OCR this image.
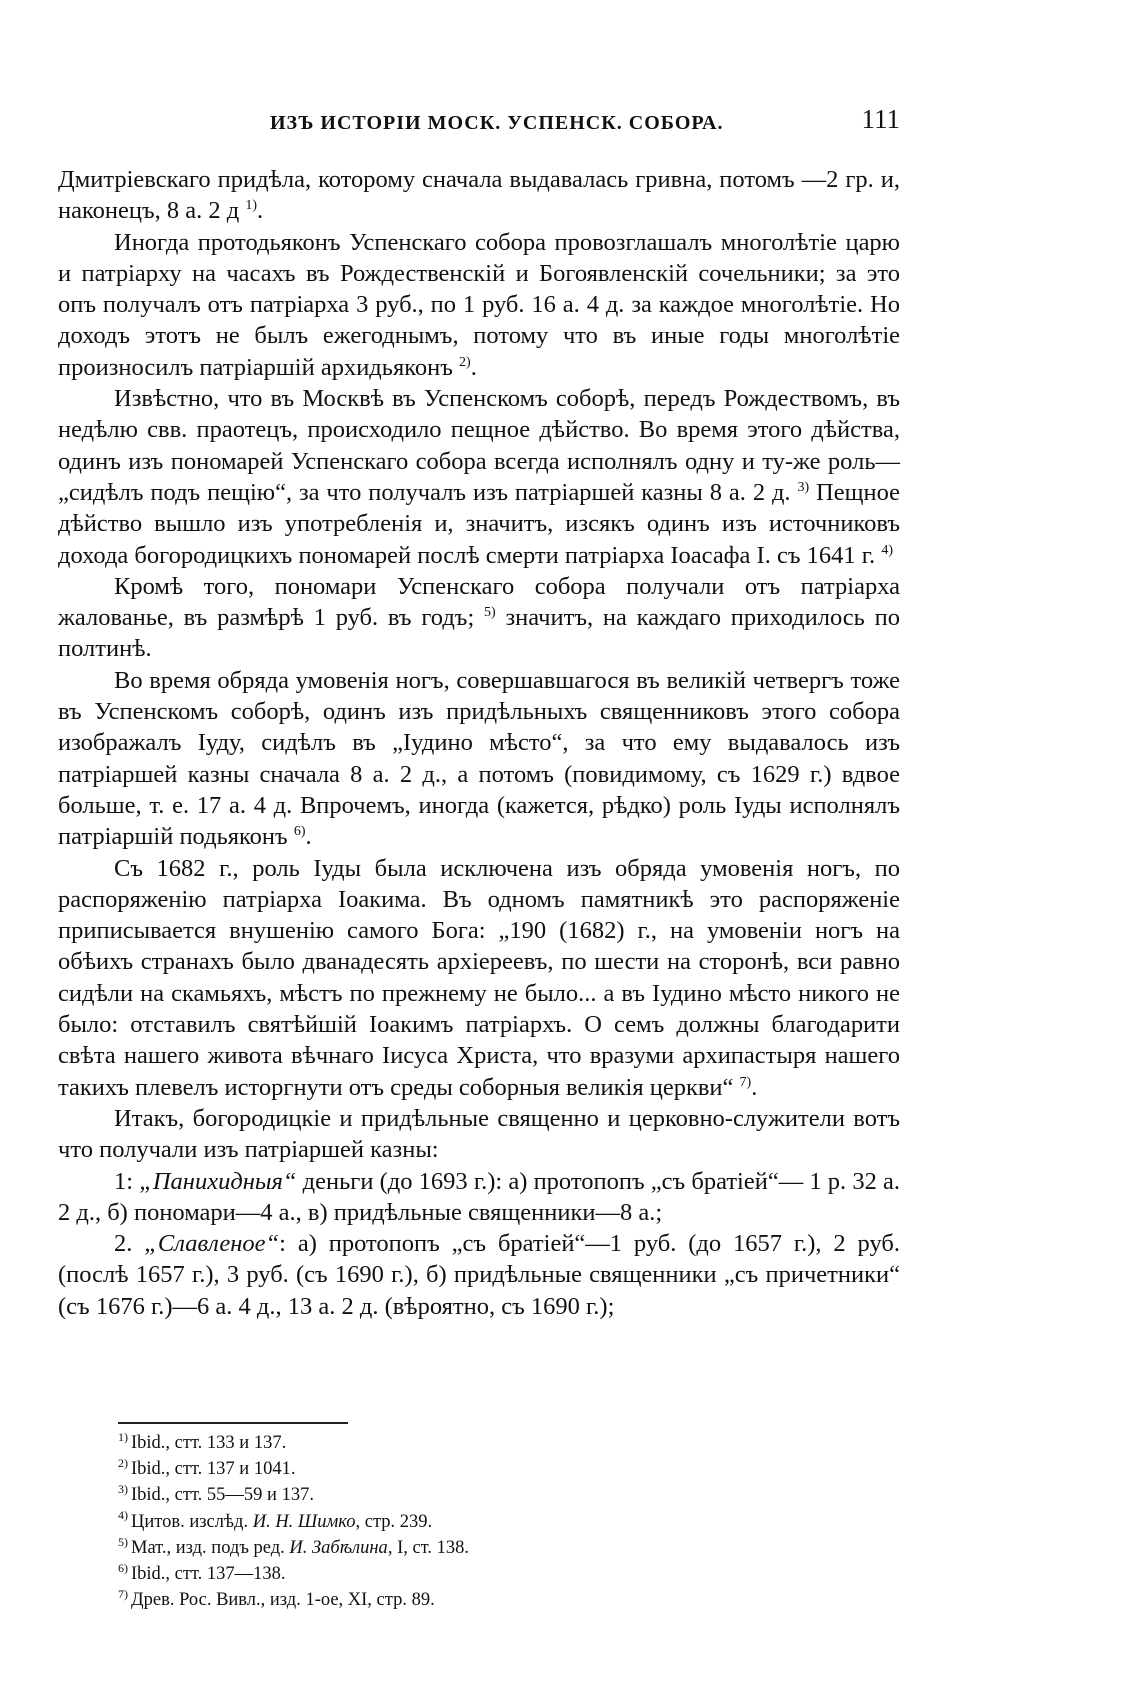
ИЗЪ ИСТОРІИ МОСК. УСПЕНСК. СОБОРА.	111

Дмитріевскаго придѣла, которому сначала выдавалась гривна, потомъ —2 гр. и, наконецъ, 8 а. 2 д $^{1)}$.

Иногда протодьяконъ Успенскаго собора провозглашалъ многолѣтіе царю и патріарху на часахъ въ Рождественскій и Богоявленскій сочельники; за это опъ получалъ отъ патріарха 3 руб., по 1 руб. 16 а. 4 д. за каждое многолѣтіе. Но доходъ этотъ не былъ ежегоднымъ, потому что въ иные годы многолѣтіе произносилъ патріаршій архидьяконъ $^{2)}$.

Извѣстно, что въ Москвѣ въ Успенскомъ соборѣ, передъ Рождествомъ, въ недѣлю свв. праотецъ, происходило пещное дѣйство. Во время этого дѣйства, одинъ изъ пономарей Успенскаго собора всегда исполнялъ одну и ту-же роль—„сидѣлъ подъ пещію“, за что получалъ изъ патріаршей казны 8 а. 2 д. $^{3)}$ Пещное дѣйство вышло изъ употребленія и, значитъ, изсякъ одинъ изъ источниковъ дохода богородицкихъ пономарей послѣ смерти патріарха Іоасафа I. съ 1641 г. $^{4)}$

Кромѣ того, пономари Успенскаго собора получали отъ патріарха жалованье, въ размѣрѣ 1 руб. въ годъ; $^{5)}$ значитъ, на каждаго приходилось по полтинѣ.

Во время обряда умовенія ногъ, совершавшагося въ великій четвергъ тоже въ Успенскомъ соборѣ, одинъ изъ придѣльныхъ священниковъ этого собора изображалъ Іуду, сидѣлъ въ „Іудино мѣсто“, за что ему выдавалось изъ патріаршей казны сначала 8 а. 2 д., а потомъ (повидимому, съ 1629 г.) вдвое больше, т. е. 17 а. 4 д. Впрочемъ, иногда (кажется, рѣдко) роль Іуды исполнялъ патріаршій подьяконъ $^{6)}$.

Съ 1682 г., роль Іуды была исключена изъ обряда умовенія ногъ, по распоряженію патріарха Іоакима. Въ одномъ памятникѣ это распоряженіе приписывается внушенію самого Бога: „190 (1682) г., на умовеніи ногъ на обѣихъ странахъ было дванадесять архіереевъ, по шести на сторонѣ, вси равно сидѣли на скамьяхъ, мѣстъ по прежнему не было... а въ Іудино мѣсто никого не было: отставилъ святѣйшій Іоакимъ патріархъ. О семъ должны благодарити свѣта нашего живота вѣчнаго Іисуса Христа, что вразуми архипастыря нашего такихъ плевелъ исторгнути отъ среды соборныя великія церкви“ $^{7)}$.

Итакъ, богородицкіе и придѣльные священно и церковно-служители вотъ что получали изъ патріаршей казны:

1: „Панихидныя“ деньги (до 1693 г.): а) протопопъ „съ братіей“— 1 р. 32 а. 2 д., б) пономари—4 а., в) придѣльные священники—8 а.;

2. „Славленое“: а) протопопъ „съ братіей“—1 руб. (до 1657 г.), 2 руб. (послѣ 1657 г.), 3 руб. (съ 1690 г.), б) придѣльные священники „съ причетники“ (съ 1676 г.)—6 а. 4 д., 13 а. 2 д. (вѣроятно, съ 1690 г.);

$^{1)}$ Ibid., стт. 133 и 137.
$^{2)}$ Ibid., стт. 137 и 1041.
$^{3)}$ Ibid., стт. 55—59 и 137.
$^{4)}$ Цитов. изслѣд. И. Н. Шимко, стр. 239.
$^{5)}$ Мат., изд. подъ ред. И. Забѣлина, I, ст. 138.
$^{6)}$ Ibid., стт. 137—138.
$^{7)}$ Древ. Рос. Вивл., изд. 1-ое, XI, стр. 89.
